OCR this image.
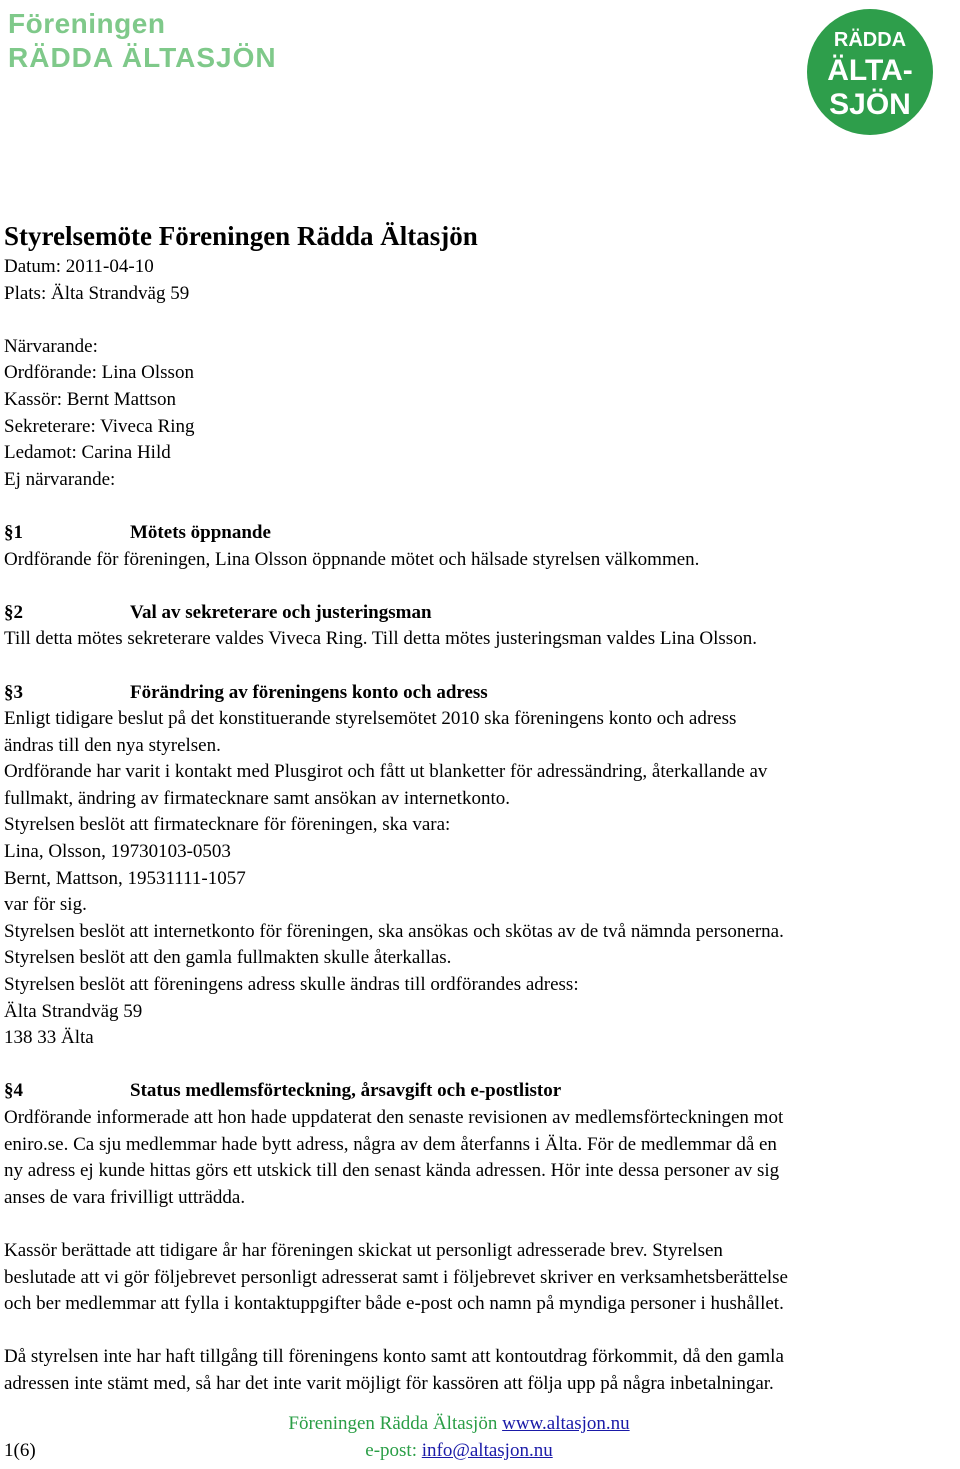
Föreningen
RÄDDA ÄLTASJÖN
RÄDDA
ÄLTA-
SJÖN
Styrelsemöte Föreningen Rädda Ältasjön
Datum: 2011-04-10
Plats: Älta Strandväg 59
Närvarande:
Ordförande: Lina Olsson
Kassör: Bernt Mattson
Sekreterare: Viveca Ring
Ledamot: Carina Hild
Ej närvarande:
§1	Mötets öppnande
Ordförande för föreningen, Lina Olsson öppnande mötet och hälsade styrelsen välkommen.
§2	Val av sekreterare och justeringsman
Till detta mötes sekreterare valdes Viveca Ring. Till detta mötes justeringsman valdes Lina Olsson.
§3	Förändring av föreningens konto och adress
Enligt tidigare beslut på det konstituerande styrelsemötet 2010 ska föreningens konto och adress
ändras till den nya styrelsen.
Ordförande har varit i kontakt med Plusgirot och fått ut blanketter för adressändring, återkallande av
fullmakt, ändring av firmatecknare samt ansökan av internetkonto.
Styrelsen beslöt att firmatecknare för föreningen, ska vara:
Lina, Olsson, 19730103-0503
Bernt, Mattson, 19531111-1057
var för sig.
Styrelsen beslöt att internetkonto för föreningen, ska ansökas och skötas av de två nämnda personerna.
Styrelsen beslöt att den gamla fullmakten skulle återkallas.
Styrelsen beslöt att föreningens adress skulle ändras till ordförandes adress:
Älta Strandväg 59
138 33 Älta
§4	Status medlemsförteckning, årsavgift och e-postlistor
Ordförande informerade att hon hade uppdaterat den senaste revisionen av medlemsförteckningen mot
eniro.se. Ca sju medlemmar hade bytt adress, några av dem återfanns i Älta. För de medlemmar då en
ny adress ej kunde hittas görs ett utskick till den senast kända adressen. Hör inte dessa personer av sig
anses de vara frivilligt utträdda.
Kassör berättade att tidigare år har föreningen skickat ut personligt adresserade brev. Styrelsen
beslutade att vi gör följebrevet personligt adresserat samt i följebrevet skriver en verksamhetsberättelse
och ber medlemmar att fylla i kontaktuppgifter både e-post och namn på myndiga personer i hushållet.
Då styrelsen inte har haft tillgång till föreningens konto samt att kontoutdrag förkommit, då den gamla
adressen inte stämt med, så har det inte varit möjligt för kassören att följa upp på några inbetalningar.
Föreningen Rädda Ältasjön www.altasjon.nu
e-post: info@altasjon.nu
1(6)
